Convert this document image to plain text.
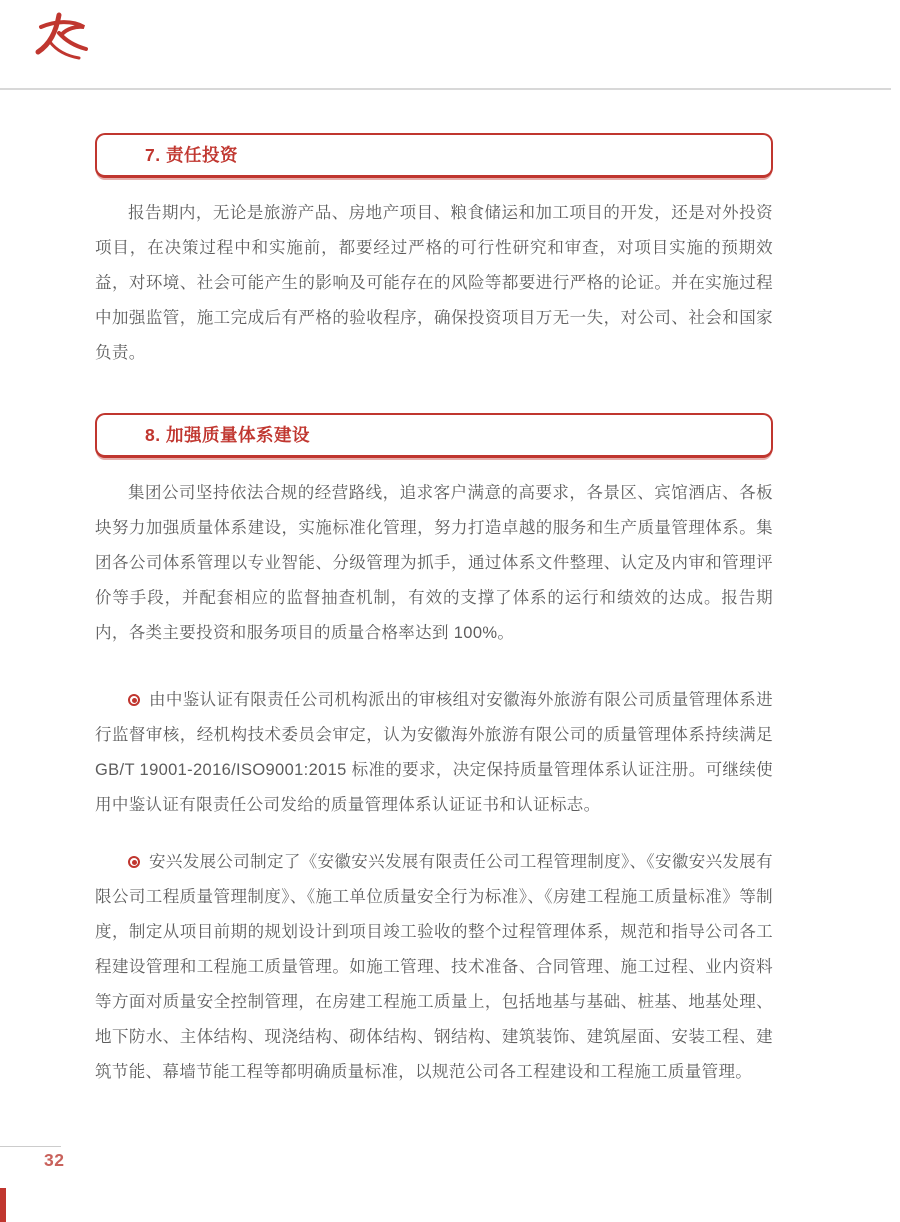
7. 责任投资

报告期内，无论是旅游产品、房地产项目、粮食储运和加工项目的开发，还是对外投资项目，在决策过程中和实施前，都要经过严格的可行性研究和审查，对项目实施的预期效益，对环境、社会可能产生的影响及可能存在的风险等都要进行严格的论证。并在实施过程中加强监管，施工完成后有严格的验收程序，确保投资项目万无一失，对公司、社会和国家负责。

8. 加强质量体系建设

集团公司坚持依法合规的经营路线，追求客户满意的高要求，各景区、宾馆酒店、各板块努力加强质量体系建设，实施标准化管理，努力打造卓越的服务和生产质量管理体系。集团各公司体系管理以专业智能、分级管理为抓手，通过体系文件整理、认定及内审和管理评价等手段，并配套相应的监督抽查机制，有效的支撑了体系的运行和绩效的达成。报告期内，各类主要投资和服务项目的质量合格率达到 100%。

由中鉴认证有限责任公司机构派出的审核组对安徽海外旅游有限公司质量管理体系进行监督审核，经机构技术委员会审定，认为安徽海外旅游有限公司的质量管理体系持续满足 GB/T 19001-2016/ISO9001:2015 标准的要求，决定保持质量管理体系认证注册。可继续使用中鉴认证有限责任公司发给的质量管理体系认证证书和认证标志。

安兴发展公司制定了《安徽安兴发展有限责任公司工程管理制度》、《安徽安兴发展有限公司工程质量管理制度》、《施工单位质量安全行为标准》、《房建工程施工质量标准》等制度，制定从项目前期的规划设计到项目竣工验收的整个过程管理体系，规范和指导公司各工程建设管理和工程施工质量管理。如施工管理、技术准备、合同管理、施工过程、业内资料等方面对质量安全控制管理，在房建工程施工质量上，包括地基与基础、桩基、地基处理、地下防水、主体结构、现浇结构、砌体结构、钢结构、建筑装饰、建筑屋面、安装工程、建筑节能、幕墙节能工程等都明确质量标准，以规范公司各工程建设和工程施工质量管理。

32
